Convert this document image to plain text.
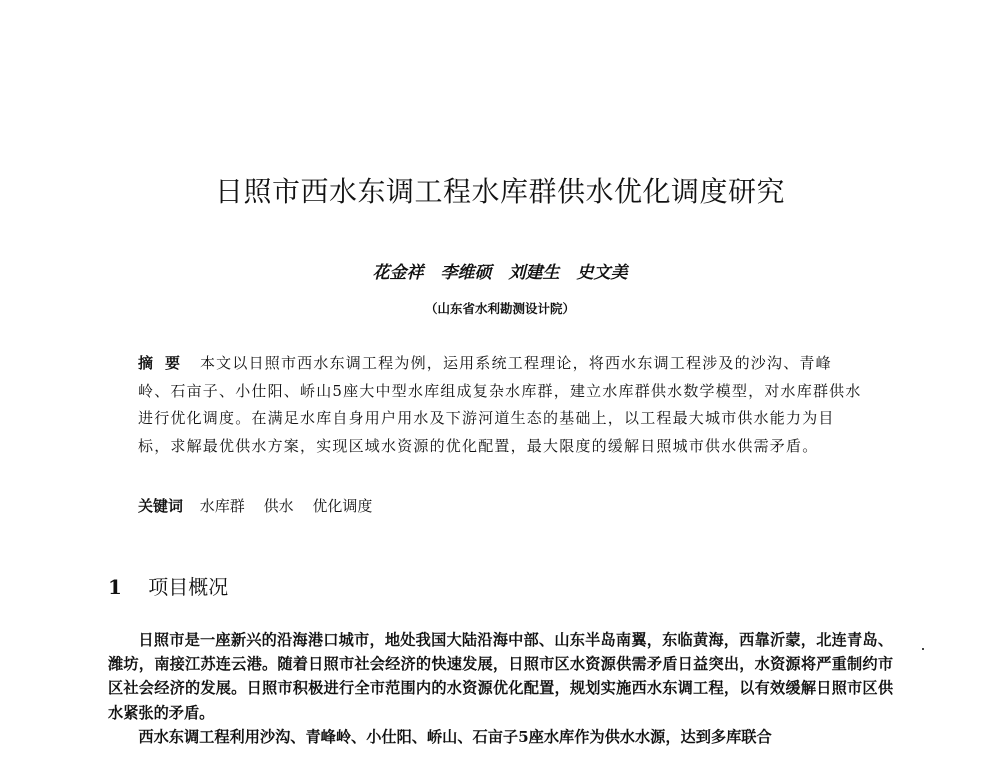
日照市西水东调工程水库群供水优化调度研究
花金祥　李维硕　刘建生　史文美
（山东省水利勘测设计院）
摘要 本文以日照市西水东调工程为例，运用系统工程理论，将西水东调工程涉及的沙沟、青峰岭、石亩子、小仕阳、峤山5座大中型水库组成复杂水库群，建立水库群供水数学模型，对水库群供水进行优化调度。在满足水库自身用户用水及下游河道生态的基础上，以工程最大城市供水能力为目标，求解最优供水方案，实现区域水资源的优化配置，最大限度的缓解日照城市供水供需矛盾。
关键词 水库群 供水 优化调度
1 项目概况

日照市是一座新兴的沿海港口城市，地处我国大陆沿海中部、山东半岛南翼，东临黄海，西靠沂蒙，北连青岛、潍坊，南接江苏连云港。随着日照市社会经济的快速发展，日照市区水资源供需矛盾日益突出，水资源将严重制约市区社会经济的发展。日照市积极进行全市范围内的水资源优化配置，规划实施西水东调工程，以有效缓解日照市区供水紧张的矛盾。

西水东调工程利用沙沟、青峰岭、小仕阳、峤山、石亩子5座水库作为供水水源，达到多库联合
